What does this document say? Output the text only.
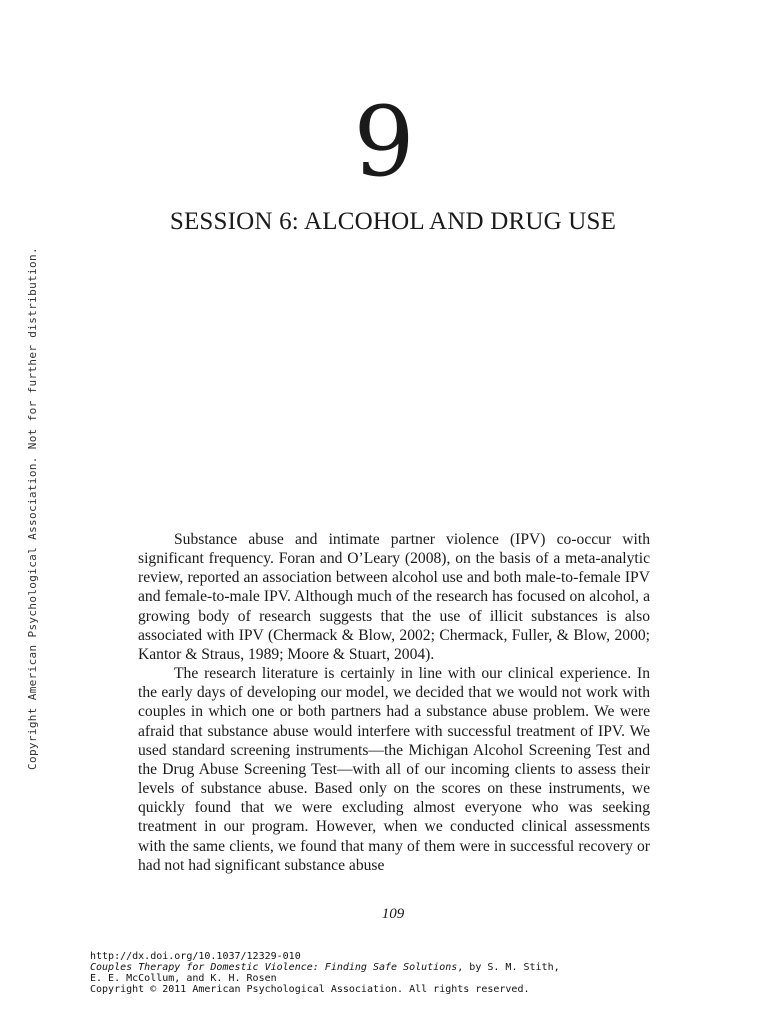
9
SESSION 6: ALCOHOL AND DRUG USE
Copyright American Psychological Association. Not for further distribution.	Substance abuse and intimate partner violence (IPV) co-occur with significant frequency. Foran and O’Leary (2008), on the basis of a meta-analytic review, reported an association between alcohol use and both male-to-female IPV and female-to-male IPV. Although much of the research has focused on alcohol, a growing body of research suggests that the use of illicit substances is also associated with IPV (Chermack & Blow, 2002; Chermack, Fuller, & Blow, 2000; Kantor & Straus, 1989; Moore & Stuart, 2004).

The research literature is certainly in line with our clinical experience. In the early days of developing our model, we decided that we would not work with couples in which one or both partners had a substance abuse problem. We were afraid that substance abuse would interfere with successful treatment of IPV. We used standard screening instruments—the Michigan Alcohol Screening Test and the Drug Abuse Screening Test—with all of our incoming clients to assess their levels of substance abuse. Based only on the scores on these instruments, we quickly found that we were excluding almost everyone who was seeking treatment in our program. However, when we conducted clinical assessments with the same clients, we found that many of them were in successful recovery or had not had significant substance abuse

109
http://dx.doi.org/10.1037/12329-010
Couples Therapy for Domestic Violence: Finding Safe Solutions, by S. M. Stith,
E. E. McCollum, and K. H. Rosen
Copyright © 2011 American Psychological Association. All rights reserved.
